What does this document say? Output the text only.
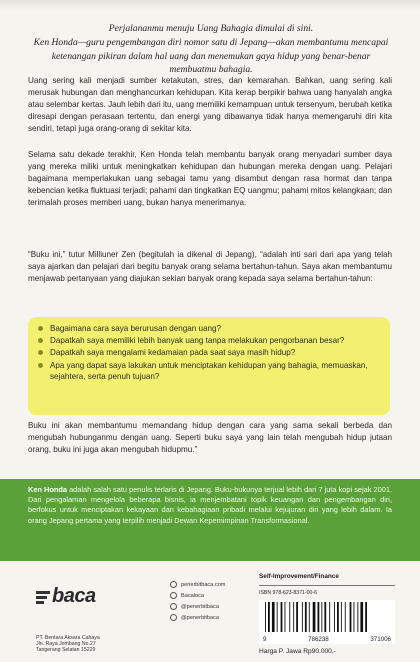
Perjalananmu menuju Uang Bahagia dimulai di sini.

Ken Honda—guru pengembangan diri nomor satu di Jepang—akan membantumu mencapai ketenangan pikiran dalam hal uang dan menemukan gaya hidup yang benar-benar membuatmu bahagia.

Uang sering kali menjadi sumber ketakutan, stres, dan kemarahan. Bahkan, uang sering kali merusak hubungan dan menghancurkan kehidupan. Kita kerap berpikir bahwa uang hanyalah angka atau selembar kertas. Jauh lebih dari itu, uang memiliki kemampuan untuk tersenyum, berubah ketika diresapi dengan perasaan tertentu, dan energi yang dibawanya tidak hanya memengaruhi diri kita sendiri, tetapi juga orang-orang di sekitar kita.

Selama satu dekade terakhir, Ken Honda telah membantu banyak orang menyadari sumber daya yang mereka miliki untuk meningkatkan kehidupan dan hubungan mereka dengan uang. Pelajari bagaimana memperlakukan uang sebagai tamu yang disambut dengan rasa hormat dan tanpa kebencian ketika fluktuasi terjadi; pahami dan tingkatkan EQ uangmu; pahami mitos kelangkaan; dan terimalah proses memberi uang, bukan hanya menerimanya.

“Buku ini,” tutur Milliuner Zen (begitulah ia dikenal di Jepang), “adalah inti sari dari apa yang telah saya ajarkan dan pelajari dari begitu banyak orang selama bertahun-tahun. Saya akan membantumu menjawab pertanyaan yang diajukan sekian banyak orang kepada saya selama bertahun-tahun:

Bagaimana cara saya berurusan dengan uang?
Dapatkah saya memiliki lebih banyak uang tanpa melakukan pengorbanan besar?
Dapatkah saya mengalami kedamaian pada saat saya masih hidup?
Apa yang dapat saya lakukan untuk menciptakan kehidupan yang bahagia, memuaskan, sejahtera, serta penuh tujuan?

Buku ini akan membantumu memandang hidup dengan cara yang sama sekali berbeda dan mengubah hubunganmu dengan uang. Seperti buku saya yang lain telah mengubah hidup jutaan orang, buku ini juga akan mengubah hidupmu.”

Ken Honda adalah salah satu penulis terlaris di Jepang. Buku-bukunya terjual lebih dari 7 juta kopi sejak 2001. Dari pengalaman mengelola beberapa bisnis, ia menjembatani topik keuangan dan pengembangan diri, berfokus untuk menciptakan kekayaan dan kebahagiaan pribadi melalui kejujuran diri yang lebih dalam. Ia orang Jepang pertama yang terpilih menjadi Dewan Kepemimpinan Transformasional.
baca
PT. Bentara Aksara Cahaya
Jln. Raya Jombang No.27
Tangerang Selatan 15229
penerbitbaca.com
Bacaloca
@penerbitbaca
@penerbitbaca
Self-Improvement/Finance
ISBN 978-623-8371-00-6
9	786238	371006
Harga P. Jawa Rp90.000,-
